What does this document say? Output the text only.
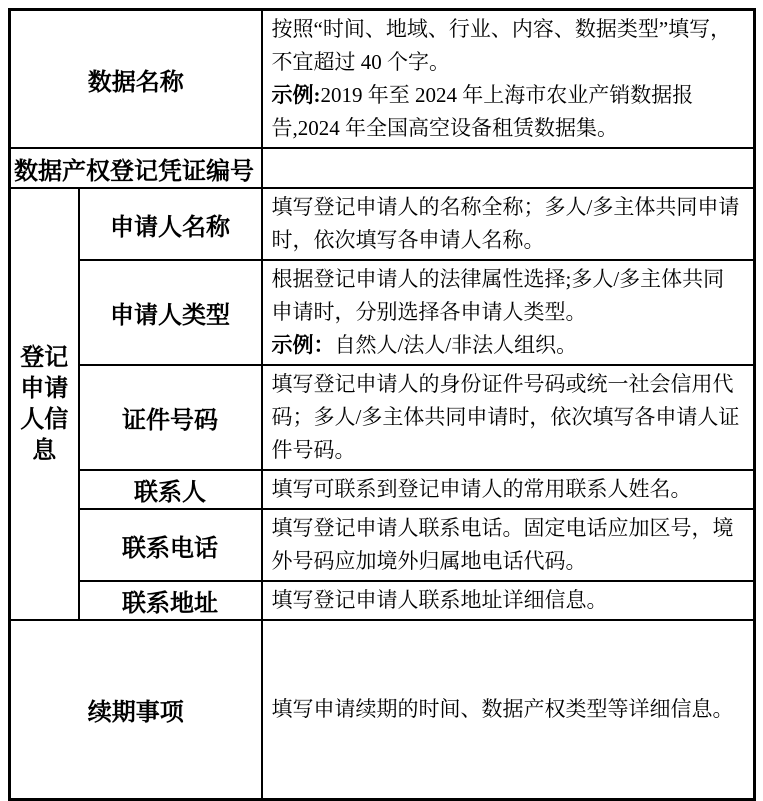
数据名称		按照“时间、地域、行业、内容、数据类型”填写，不宜超过 40 个字。
示例:2019 年至 2024 年上海市农业产销数据报告,2024 年全国高空设备租赁数据集。

数据产权登记凭证编号		
登记申请人信息	申请人名称	填写登记申请人的名称全称；多人/多主体共同申请时，依次填写各申请人名称。
	申请人类型	根据登记申请人的法律属性选择;多人/多主体共同申请时，分别选择各申请人类型。
示例：自然人/法人/非法人组织。

	证件号码	填写登记申请人的身份证件号码或统一社会信用代码；多人/多主体共同申请时，依次填写各申请人证件号码。
	联系人	填写可联系到登记申请人的常用联系人姓名。
	联系电话	填写登记申请人联系电话。固定电话应加区号，境外号码应加境外归属地电话代码。
	联系地址	填写登记申请人联系地址详细信息。
续期事项		填写申请续期的时间、数据产权类型等详细信息。
